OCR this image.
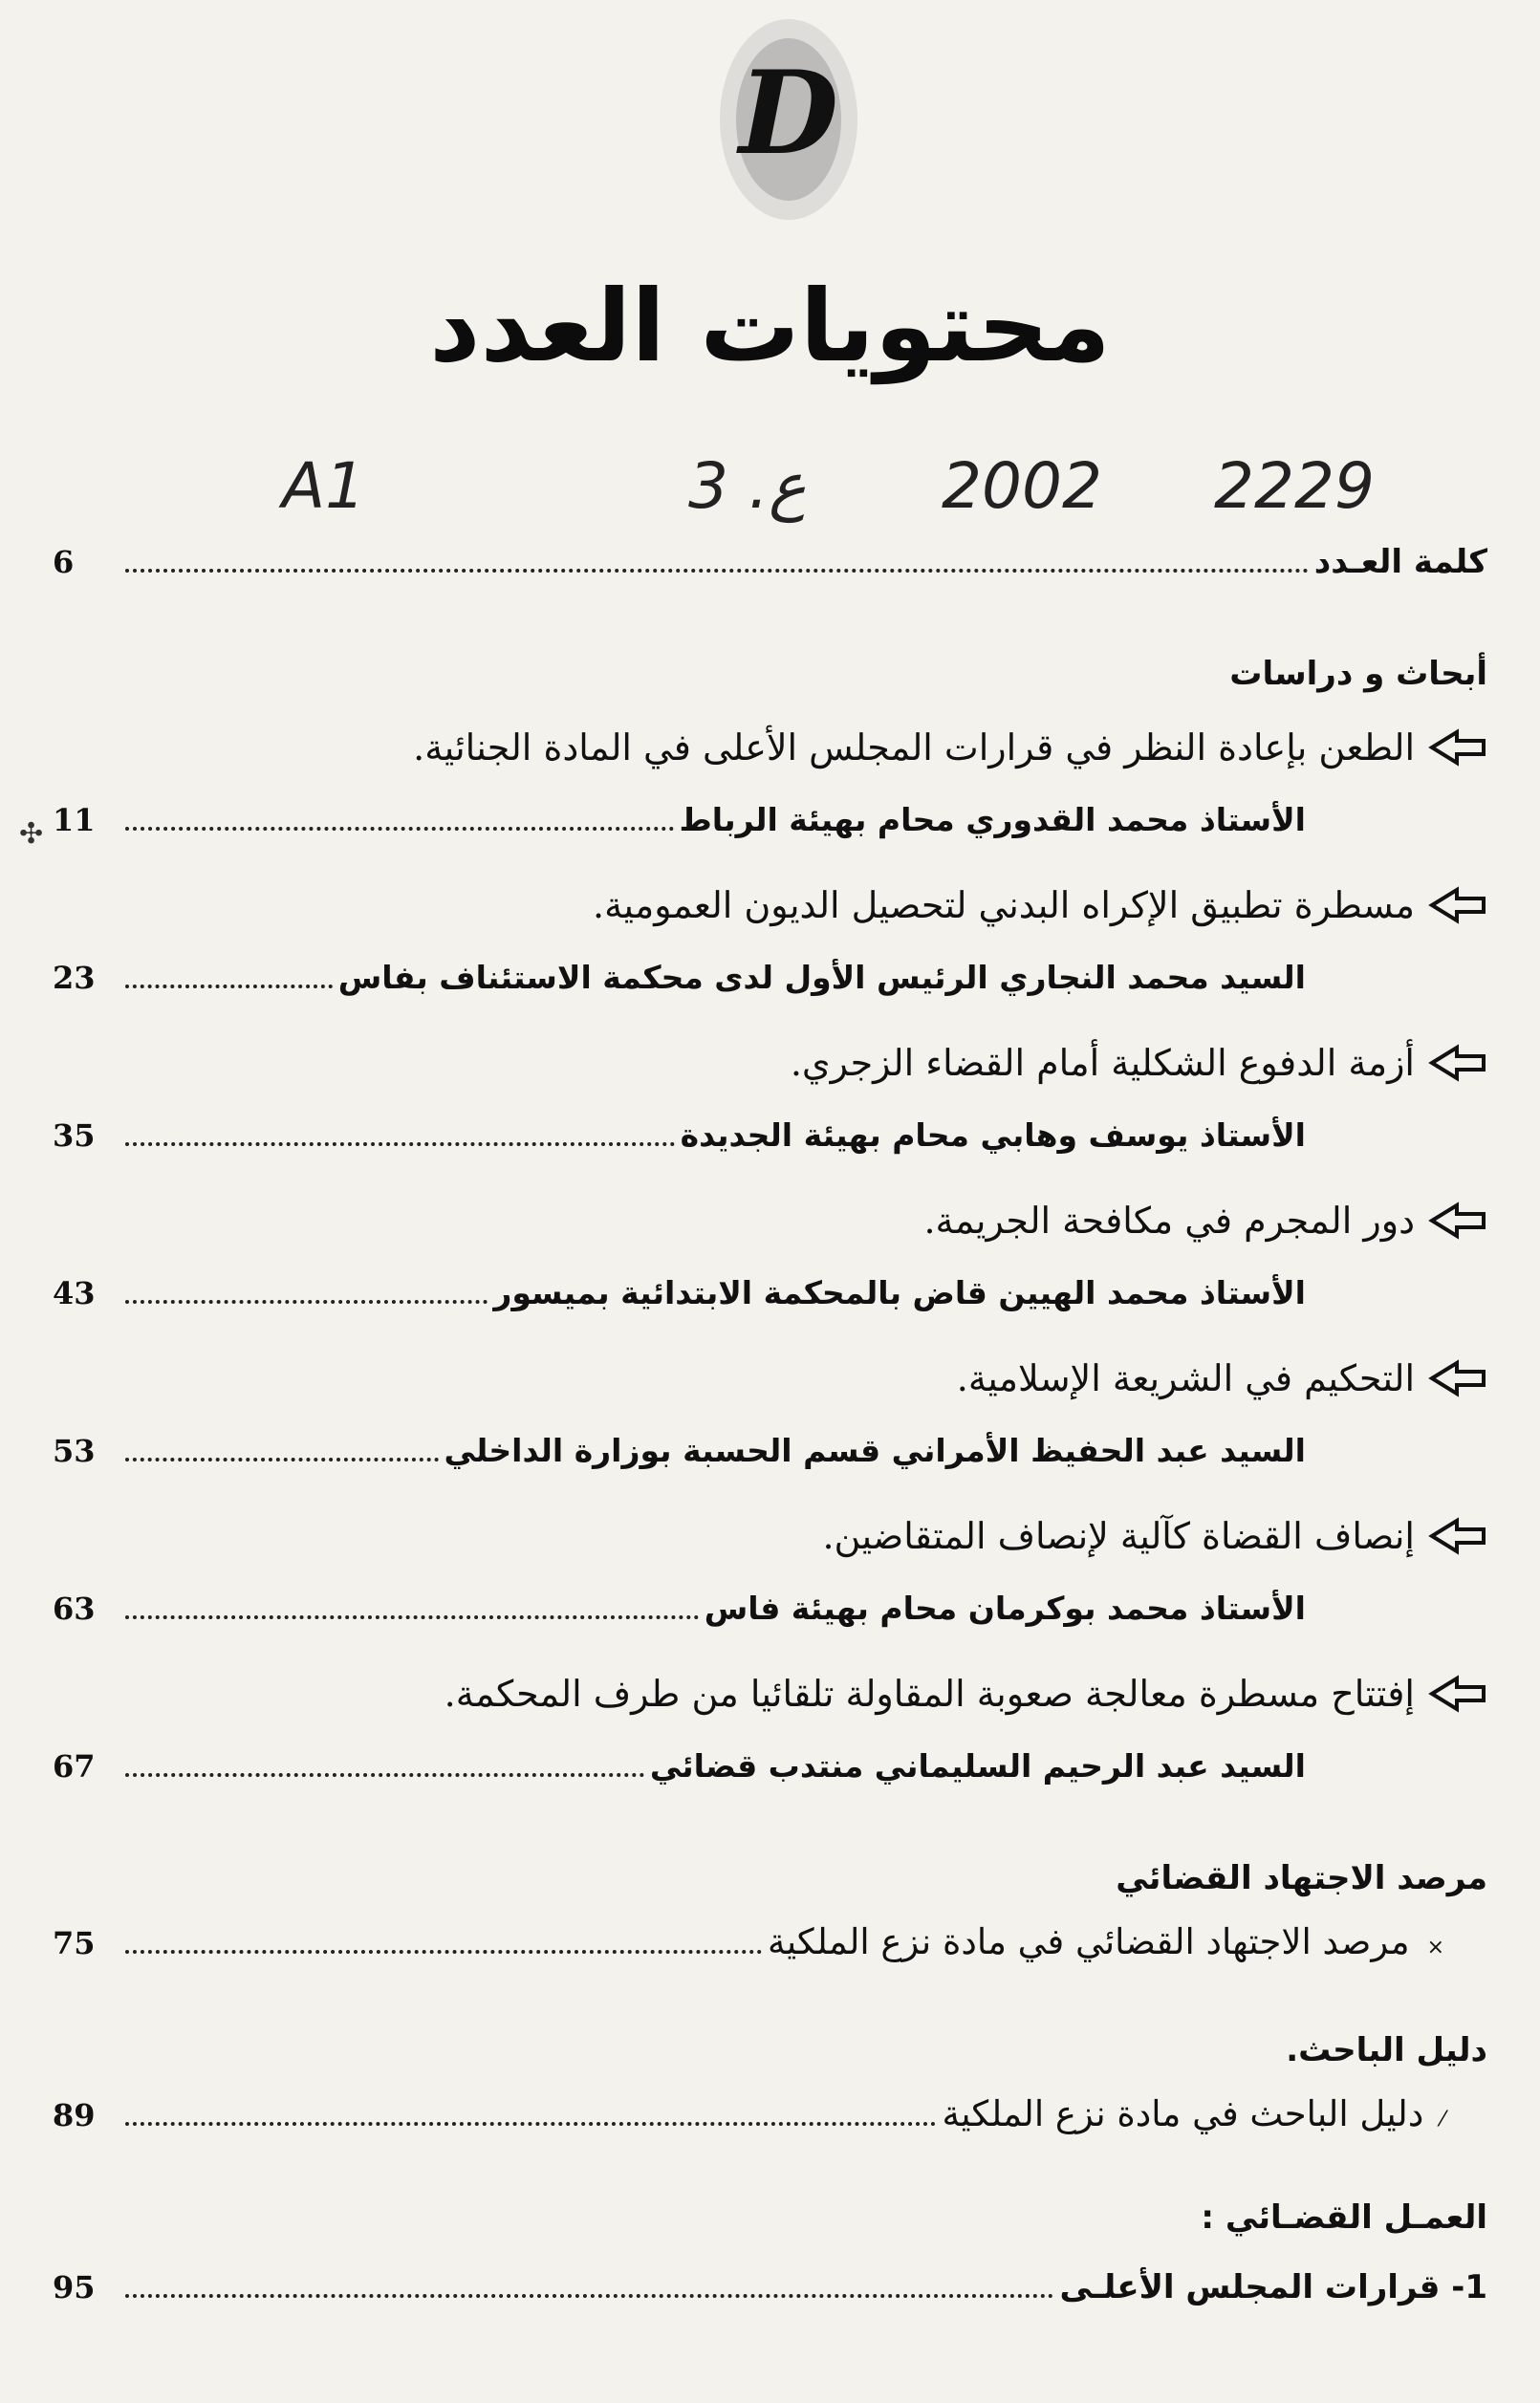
D
محتويات العدد
A1	3 .ع 2002 2229
كلمة العـدد
6
أبحاث و دراسات
الطعن بإعادة النظر في قرارات المجلس الأعلى في المادة الجنائية.
الأستاذ محمد القدوري محام بهيئة الرباط
11
✣
مسطرة تطبيق الإكراه البدني لتحصيل الديون العمومية.
السيد محمد النجاري الرئيس الأول لدى محكمة الاستئناف بفاس
23
أزمة الدفوع الشكلية أمام القضاء الزجري.
الأستاذ يوسف وهابي محام بهيئة الجديدة
35
دور المجرم في مكافحة الجريمة.
الأستاذ محمد الهيين قاض بالمحكمة الابتدائية بميسور
43
التحكيم في الشريعة الإسلامية.
السيد عبد الحفيظ الأمراني قسم الحسبة بوزارة الداخلي
53
إنصاف القضاة كآلية لإنصاف المتقاضين.
الأستاذ محمد بوكرمان محام بهيئة فاس
63
إفتتاح مسطرة معالجة صعوبة المقاولة تلقائيا من طرف المحكمة.
السيد عبد الرحيم السليماني منتدب قضائي
67
مرصد الاجتهاد القضائي
×
مرصد الاجتهاد القضائي في مادة نزع الملكية
75
دليل الباحث.
⁄
دليل الباحث في مادة نزع الملكية
89
العمـل القضـائي :
1- قرارات المجلس الأعلـى
95
